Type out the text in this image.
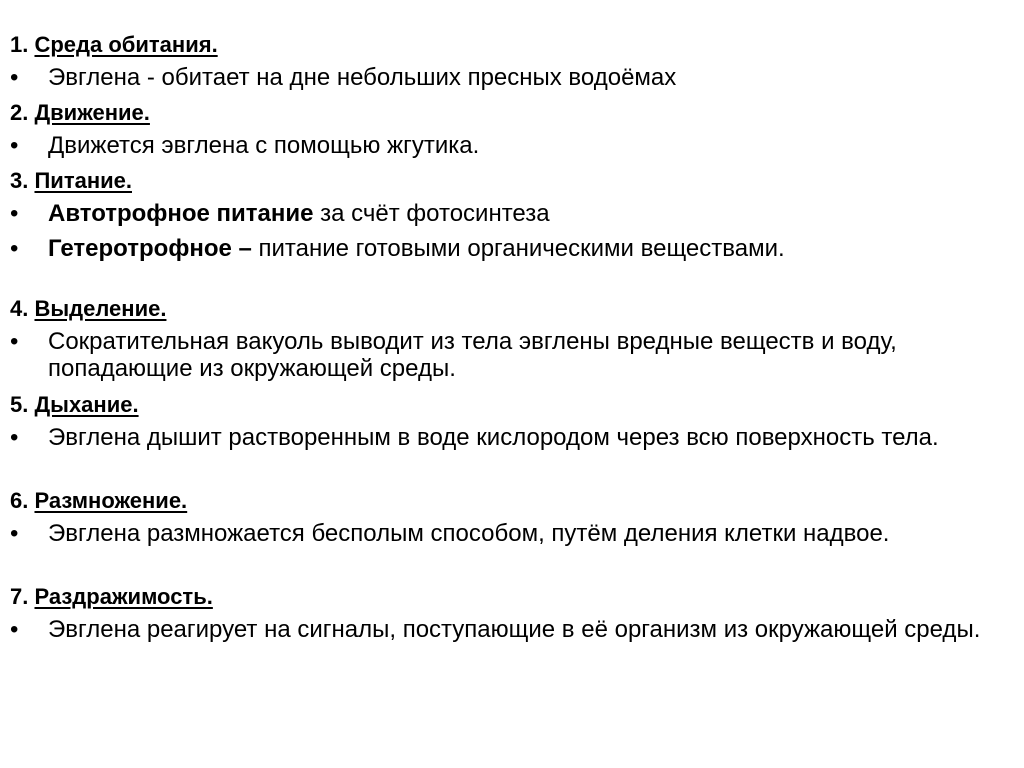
1. Среда обитания.
• Эвглена - обитает на дне небольших пресных водоёмах
2. Движение.
• Движется эвглена с помощью жгутика.
3. Питание.
• Автотрофное питание за счёт фотосинтеза
• Гетеротрофное – питание готовыми органическими веществами.
4. Выделение.
• Сократительная вакуоль выводит из тела эвглены вредные веществ и воду, попадающие из окружающей среды.
5. Дыхание.
• Эвглена дышит растворенным в воде кислородом через всю поверхность тела.
6. Размножение.
• Эвглена размножается бесполым способом, путём деления клетки надвое.
7. Раздражимость.
• Эвглена реагирует на сигналы, поступающие в её организм из окружающей среды.
